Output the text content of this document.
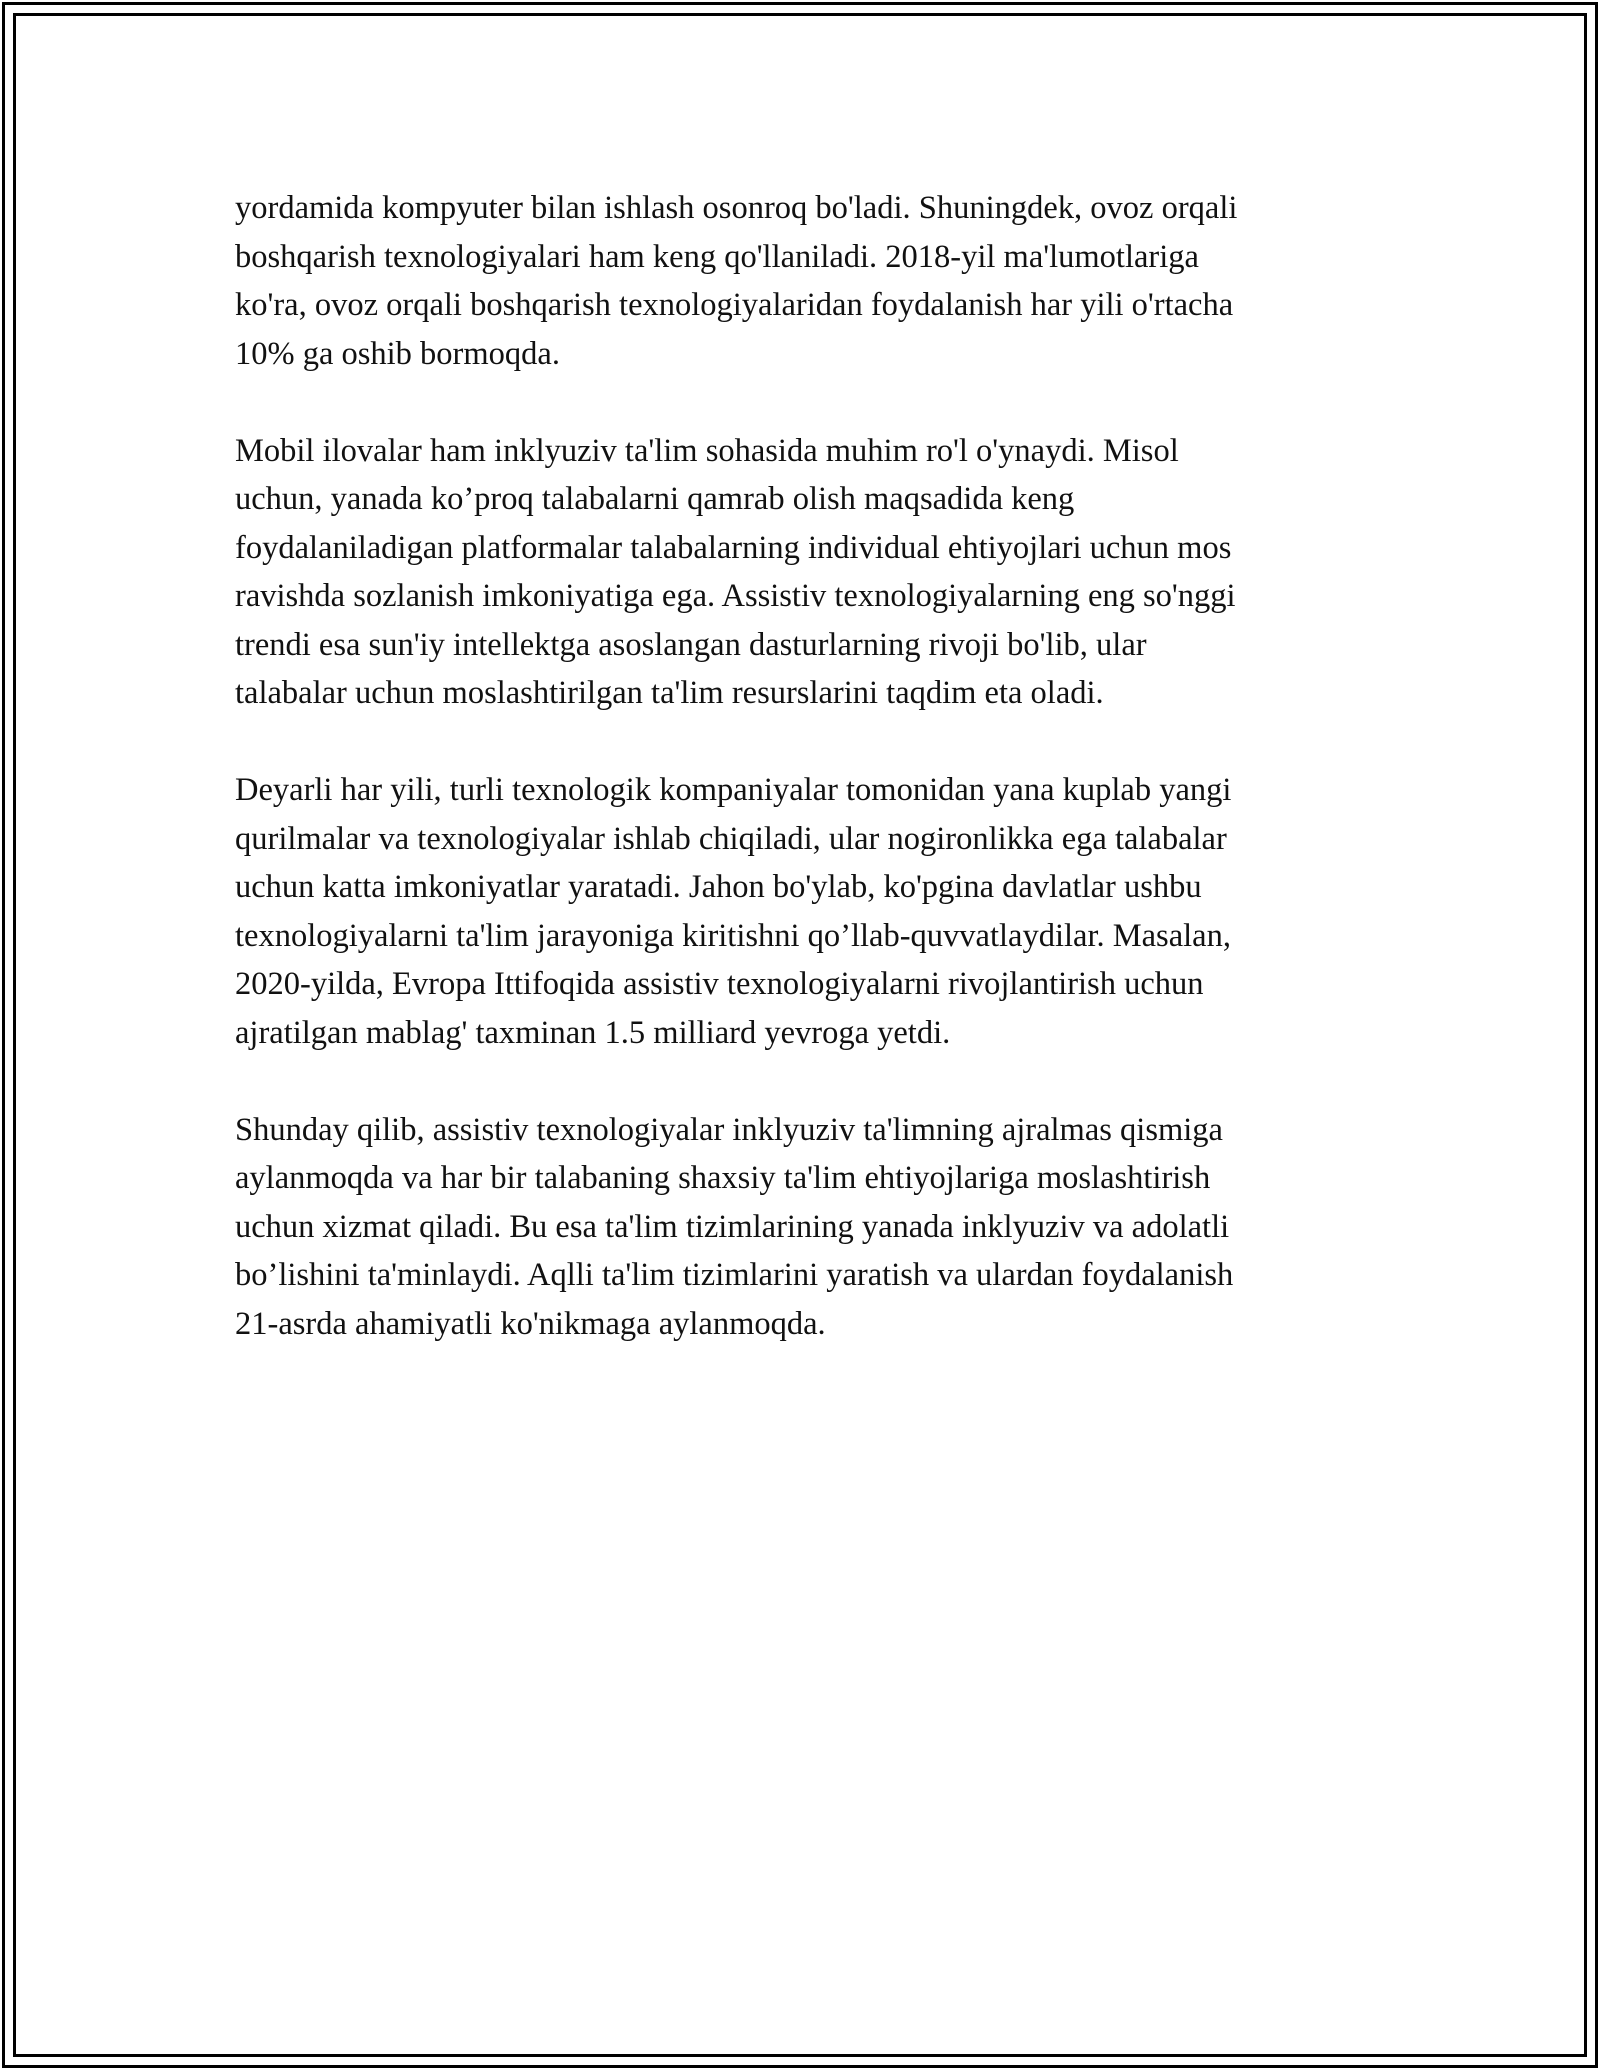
yordamida kompyuter bilan ishlash osonroq bo'ladi. Shuningdek, ovoz orqali
boshqarish texnologiyalari ham keng qo'llaniladi. 2018-yil ma'lumotlariga
ko'ra, ovoz orqali boshqarish texnologiyalaridan foydalanish har yili o'rtacha
10% ga oshib bormoqda.

Mobil ilovalar ham inklyuziv ta'lim sohasida muhim ro'l o'ynaydi. Misol
uchun, yanada ko’proq talabalarni qamrab olish maqsadida keng
foydalaniladigan platformalar talabalarning individual ehtiyojlari uchun mos
ravishda sozlanish imkoniyatiga ega. Assistiv texnologiyalarning eng so'nggi
trendi esa sun'iy intellektga asoslangan dasturlarning rivoji bo'lib, ular
talabalar uchun moslashtirilgan ta'lim resurslarini taqdim eta oladi.

Deyarli har yili, turli texnologik kompaniyalar tomonidan yana kuplab yangi
qurilmalar va texnologiyalar ishlab chiqiladi, ular nogironlikka ega talabalar
uchun katta imkoniyatlar yaratadi. Jahon bo'ylab, ko'pgina davlatlar ushbu
texnologiyalarni ta'lim jarayoniga kiritishni qo’llab-quvvatlaydilar. Masalan,
2020-yilda, Evropa Ittifoqida assistiv texnologiyalarni rivojlantirish uchun
ajratilgan mablag' taxminan 1.5 milliard yevroga yetdi.

Shunday qilib, assistiv texnologiyalar inklyuziv ta'limning ajralmas qismiga
aylanmoqda va har bir talabaning shaxsiy ta'lim ehtiyojlariga moslashtirish
uchun xizmat qiladi. Bu esa ta'lim tizimlarining yanada inklyuziv va adolatli
bo’lishini ta'minlaydi. Aqlli ta'lim tizimlarini yaratish va ulardan foydalanish
21-asrda ahamiyatli ko'nikmaga aylanmoqda.
